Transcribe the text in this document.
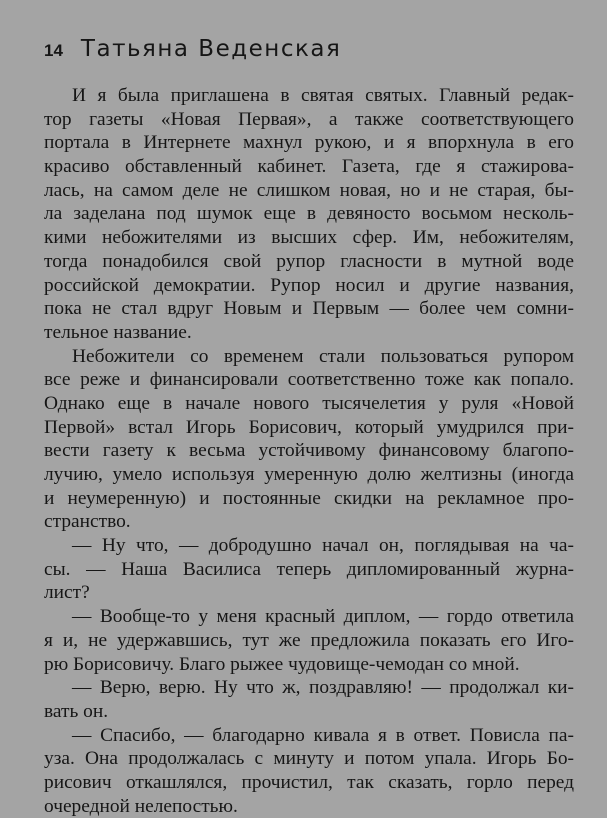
14 Татьяна Веденская
И я была приглашена в святая святых. Главный редак-
тор газеты «Новая Первая», а также соответствующего
портала в Интернете махнул рукою, и я впорхнула в его
красиво обставленный кабинет. Газета, где я стажирова-
лась, на самом деле не слишком новая, но и не старая, бы-
ла заделана под шумок еще в девяносто восьмом несколь-
кими небожителями из высших сфер. Им, небожителям,
тогда понадобился свой рупор гласности в мутной воде
российской демократии. Рупор носил и другие названия,
пока не стал вдруг Новым и Первым — более чем сомни-
тельное название.
Небожители со временем стали пользоваться рупором
все реже и финансировали соответственно тоже как попало.
Однако еще в начале нового тысячелетия у руля «Новой
Первой» встал Игорь Борисович, который умудрился при-
вести газету к весьма устойчивому финансовому благопо-
лучию, умело используя умеренную долю желтизны (иногда
и неумеренную) и постоянные скидки на рекламное про-
странство.
— Ну что, — добродушно начал он, поглядывая на ча-
сы. — Наша Василиса теперь дипломированный журна-
лист?
— Вообще-то у меня красный диплом, — гордо ответила
я и, не удержавшись, тут же предложила показать его Иго-
рю Борисовичу. Благо рыжее чудовище-чемодан со мной.
— Верю, верю. Ну что ж, поздравляю! — продолжал ки-
вать он.
— Спасибо, — благодарно кивала я в ответ. Повисла па-
уза. Она продолжалась с минуту и потом упала. Игорь Бо-
рисович откашлялся, прочистил, так сказать, горло перед
очередной нелепостью.
